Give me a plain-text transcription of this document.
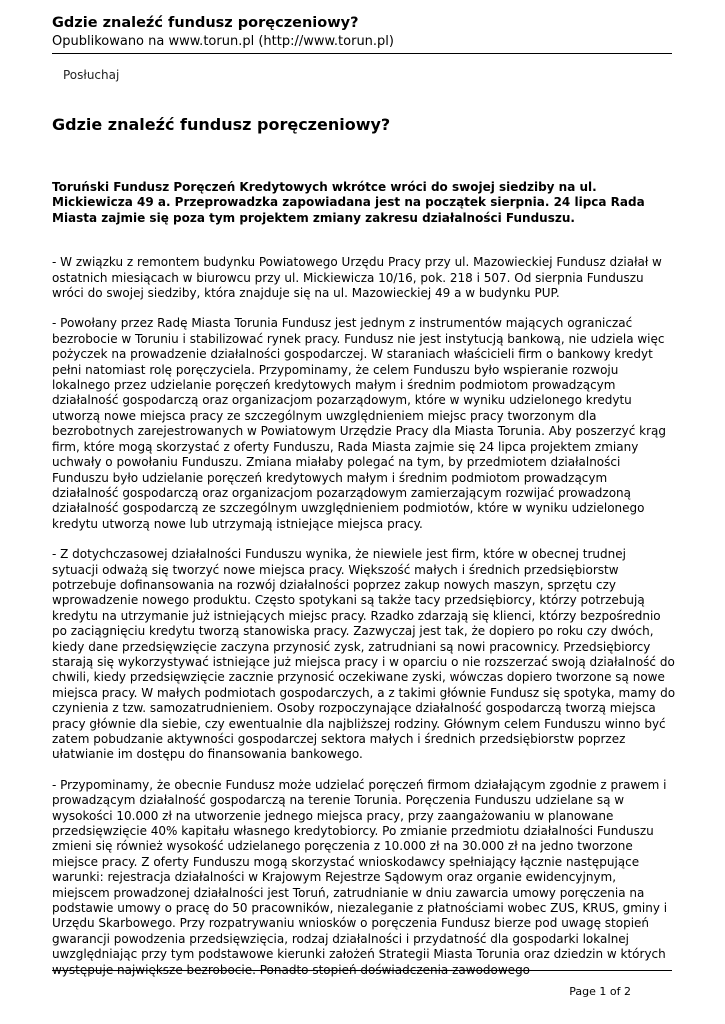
Gdzie znaleźć fundusz poręczeniowy?

Opublikowano na www.torun.pl (http://www.torun.pl)

Posłuchaj
Gdzie znaleźć fundusz poręczeniowy?

Toruński Fundusz Poręczeń Kredytowych wkrótce wróci do swojej siedziby na ul. Mickiewicza 49 a. Przeprowadzka zapowiadana jest na początek sierpnia. 24 lipca Rada Miasta zajmie się poza tym projektem zmiany zakresu działalności Funduszu.

- W związku z remontem budynku Powiatowego Urzędu Pracy przy ul. Mazowieckiej Fundusz działał w ostatnich miesiącach w biurowcu przy ul. Mickiewicza 10/16, pok. 218 i 507. Od sierpnia Funduszu wróci do swojej siedziby, która znajduje się na ul. Mazowieckiej 49 a w budynku PUP.

- Powołany przez Radę Miasta Torunia Fundusz jest jednym z instrumentów mających ograniczać bezrobocie w Toruniu i stabilizować rynek pracy. Fundusz nie jest instytucją bankową, nie udziela więc pożyczek na prowadzenie działalności gospodarczej. W staraniach właścicieli firm o bankowy kredyt pełni natomiast rolę poręczyciela. Przypominamy, że celem Funduszu było wspieranie rozwoju lokalnego przez udzielanie poręczeń kredytowych małym i średnim podmiotom prowadzącym działalność gospodarczą oraz organizacjom pozarządowym, które w wyniku udzielonego kredytu utworzą nowe miejsca pracy ze szczególnym uwzględnieniem miejsc pracy tworzonym dla bezrobotnych zarejestrowanych w Powiatowym Urzędzie Pracy dla Miasta Torunia. Aby poszerzyć krąg firm, które mogą skorzystać z oferty Funduszu, Rada Miasta zajmie się 24 lipca projektem zmiany uchwały o powołaniu Funduszu. Zmiana miałaby polegać na tym, by przedmiotem działalności Funduszu było udzielanie poręczeń kredytowych małym i średnim podmiotom prowadzącym działalność gospodarczą oraz organizacjom pozarządowym zamierzającym rozwijać prowadzoną działalność gospodarczą ze szczególnym uwzględnieniem podmiotów, które w wyniku udzielonego kredytu utworzą nowe lub utrzymają istniejące miejsca pracy.

- Z dotychczasowej działalności Funduszu wynika, że niewiele jest firm, które w obecnej trudnej sytuacji odważą się tworzyć nowe miejsca pracy. Większość małych i średnich przedsiębiorstw potrzebuje dofinansowania na rozwój działalności poprzez zakup nowych maszyn, sprzętu czy wprowadzenie nowego produktu. Często spotykani są także tacy przedsiębiorcy, którzy potrzebują kredytu na utrzymanie już istniejących miejsc pracy. Rzadko zdarzają się klienci, którzy bezpośrednio po zaciągnięciu kredytu tworzą stanowiska pracy. Zazwyczaj jest tak, że dopiero po roku czy dwóch, kiedy dane przedsięwzięcie zaczyna przynosić zysk, zatrudniani są nowi pracownicy. Przedsiębiorcy starają się wykorzystywać istniejące już miejsca pracy i w oparciu o nie rozszerzać swoją działalność do chwili, kiedy przedsięwzięcie zacznie przynosić oczekiwane zyski, wówczas dopiero tworzone są nowe miejsca pracy. W małych podmiotach gospodarczych, a z takimi głównie Fundusz się spotyka, mamy do czynienia z tzw. samozatrudnieniem. Osoby rozpoczynające działalność gospodarczą tworzą miejsca pracy głównie dla siebie, czy ewentualnie dla najbliższej rodziny. Głównym celem Funduszu winno być zatem pobudzanie aktywności gospodarczej sektora małych i średnich przedsiębiorstw poprzez ułatwianie im dostępu do finansowania bankowego.

- Przypominamy, że obecnie Fundusz może udzielać poręczeń firmom działającym zgodnie z prawem i prowadzącym działalność gospodarczą na terenie Torunia. Poręczenia Funduszu udzielane są w wysokości 10.000 zł na utworzenie jednego miejsca pracy, przy zaangażowaniu w planowane przedsięwzięcie 40% kapitału własnego kredytobiorcy. Po zmianie przedmiotu działalności Funduszu zmieni się również wysokość udzielanego poręczenia z 10.000 zł na 30.000 zł na jedno tworzone miejsce pracy. Z oferty Funduszu mogą skorzystać wnioskodawcy spełniający łącznie następujące warunki: rejestracja działalności w Krajowym Rejestrze Sądowym oraz organie ewidencyjnym, miejscem prowadzonej działalności jest Toruń, zatrudnianie w dniu zawarcia umowy poręczenia na podstawie umowy o pracę do 50 pracowników, niezaleganie z płatnościami wobec ZUS, KRUS, gminy i Urzędu Skarbowego. Przy rozpatrywaniu wniosków o poręczenia Fundusz bierze pod uwagę stopień gwarancji powodzenia przedsięwzięcia, rodzaj działalności i przydatność dla gospodarki lokalnej uwzględniając przy tym podstawowe kierunki założeń Strategii Miasta Torunia oraz dziedzin w których występuje największe bezrobocie. Ponadto stopień doświadczenia zawodowego

Page 1 of 2
